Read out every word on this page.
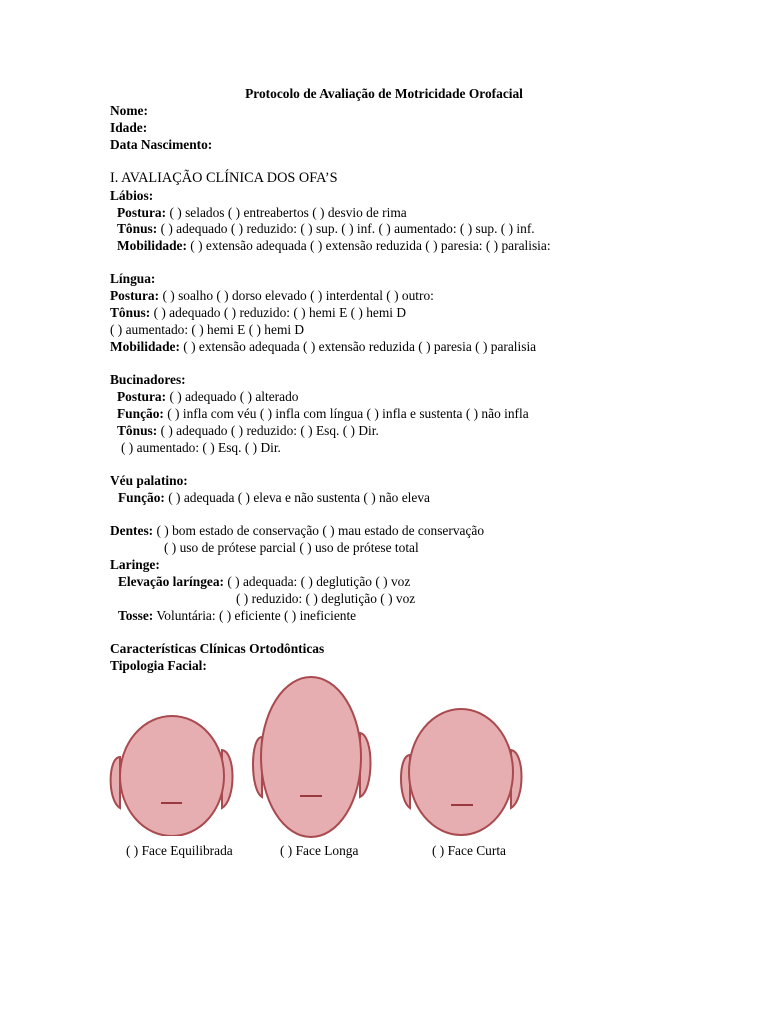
Protocolo de Avaliação de Motricidade Orofacial
Nome:
Idade:
Data Nascimento:
I. AVALIAÇÃO CLÍNICA DOS OFA’S
Lábios:
Postura: ( ) selados ( ) entreabertos ( ) desvio de rima
Tônus: ( ) adequado ( ) reduzido: ( ) sup. ( ) inf. ( ) aumentado: ( ) sup. ( ) inf.
Mobilidade: ( ) extensão adequada ( ) extensão reduzida ( ) paresia: ( ) paralisia:
Língua:
Postura: ( ) soalho ( ) dorso elevado ( ) interdental ( ) outro:
Tônus: ( ) adequado ( ) reduzido: ( ) hemi E ( ) hemi D
( ) aumentado: ( ) hemi E ( ) hemi D
Mobilidade: ( ) extensão adequada ( ) extensão reduzida ( ) paresia ( ) paralisia
Bucinadores:
Postura: ( ) adequado ( ) alterado
Função: ( ) infla com véu ( ) infla com língua ( ) infla e sustenta ( ) não infla
Tônus: ( ) adequado ( ) reduzido: ( ) Esq. ( ) Dir.
( ) aumentado: ( ) Esq. ( ) Dir.
Véu palatino:
Função: ( ) adequada ( ) eleva e não sustenta ( ) não eleva
Dentes: ( ) bom estado de conservação ( ) mau estado de conservação
( ) uso de prótese parcial ( ) uso de prótese total
Laringe:
Elevação laríngea: ( ) adequada: ( ) deglutição ( ) voz
( ) reduzido: ( ) deglutição ( ) voz
Tosse: Voluntária: ( ) eficiente ( ) ineficiente
Características Clínicas Ortodônticas
Tipologia Facial:
( ) Face Equilibrada	( ) Face Longa	( ) Face Curta
